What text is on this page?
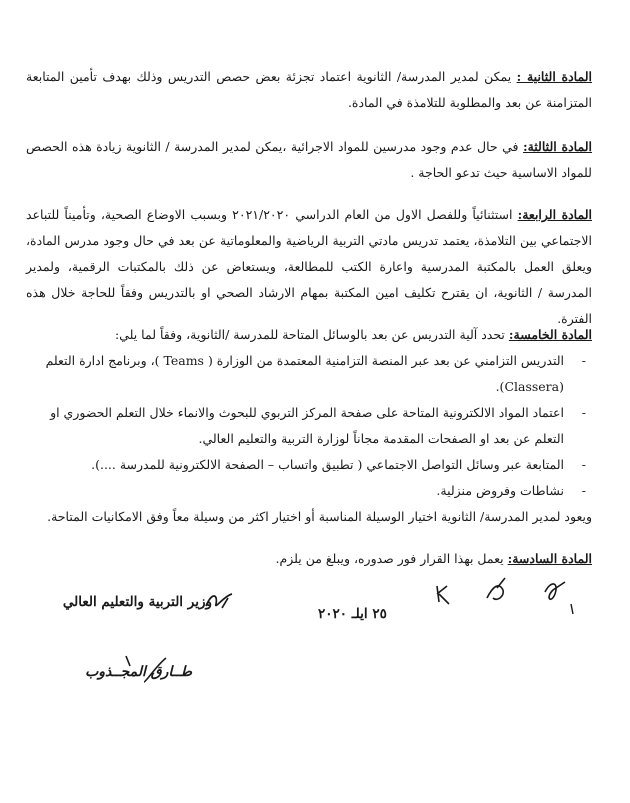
المادة الثانية : يمكن لمدير المدرسة/ الثانوية اعتماد تجزئة بعض حصص التدريس وذلك بهدف تأمين المتابعة المتزامنة عن بعد والمطلوبة للتلامذة في المادة.
المادة الثالثة: في حال عدم وجود مدرسين للمواد الاجرائية ،يمكن لمدير المدرسة / الثانوية زيادة هذه الحصص للمواد الاساسية حيث تدعو الحاجة .
المادة الرابعة: استثنائياً وللفصل الاول من العام الدراسي ٢٠٢١/٢٠٢٠ وبسبب الاوضاع الصحية، وتأميناً للتباعد الاجتماعي بين التلامذة، يعتمد تدريس مادتي التربية الرياضية والمعلوماتية عن بعد في حال وجود مدرس المادة، ويعلق العمل بالمكتبة المدرسية واعارة الكتب للمطالعة، ويستعاض عن ذلك بالمكتبات الرقمية، ولمدير المدرسة / الثانوية، ان يقترح تكليف امين المكتبة بمهام الارشاد الصحي او بالتدريس وفقاً للحاجة خلال هذه الفترة.
المادة الخامسة: تحدد آلية التدريس عن بعد بالوسائل المتاحة للمدرسة /الثانوية، وفقاً لما يلي:
-
التدريس التزامني عن بعد عبر المنصة التزامنية المعتمدة من الوزارة ( Teams )، وبرنامج ادارة التعلم (Classera).
-
اعتماد المواد الالكترونية المتاحة على صفحة المركز التربوي للبحوث والانماء خلال التعلم الحضوري او التعلم عن بعد او الصفحات المقدمة مجاناً لوزارة التربية والتعليم العالي.
-
المتابعة عبر وسائل التواصل الاجتماعي ( تطبيق واتساب – الصفحة الالكترونية للمدرسة ....).
-
نشاطات وفروض منزلية.
ويعود لمدير المدرسة/ الثانوية اختيار الوسيلة المناسبة أو اختيار اكثر من وسيلة معاً وفق الامكانيات المتاحة.
المادة السادسة: يعمل بهذا القرار فور صدوره، ويبلغ من يلزم.
وزير التربية والتعليم العالي
٢٥ ايلـ ٢٠٢٠
طــارق المجــذوب
